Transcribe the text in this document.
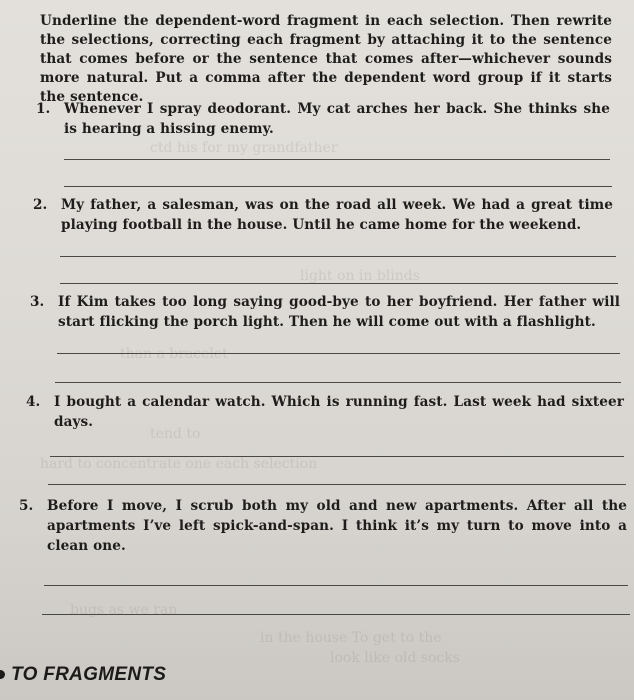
ctd his for my grandfather
light on in blinds
than a bracelet
tend to
hard to concentrate one each selection
bugs as we ran
in the house To get to the
look like old socks
Underline the dependent-word fragment in each selection. Then rewrite the selections, correcting each fragment by attaching it to the sentence that comes before or the sentence that comes after—whichever sounds more natural. Put a comma after the dependent word group if it starts the sentence.
1. Whenever I spray deodorant. My cat arches her back. She thinks she is hearing a hissing enemy.
2. My father, a salesman, was on the road all week. We had a great time playing football in the house. Until he came home for the weekend.
3. If Kim takes too long saying good-bye to her boyfriend. Her father will start flicking the porch light. Then he will come out with a flashlight.
4. I bought a calendar watch. Which is running fast. Last week had sixteer days.
5. Before I move, I scrub both my old and new apartments. After all the apartments I’ve left spick-and-span. I think it’s my turn to move into a clean one.
TO FRAGMENTS
